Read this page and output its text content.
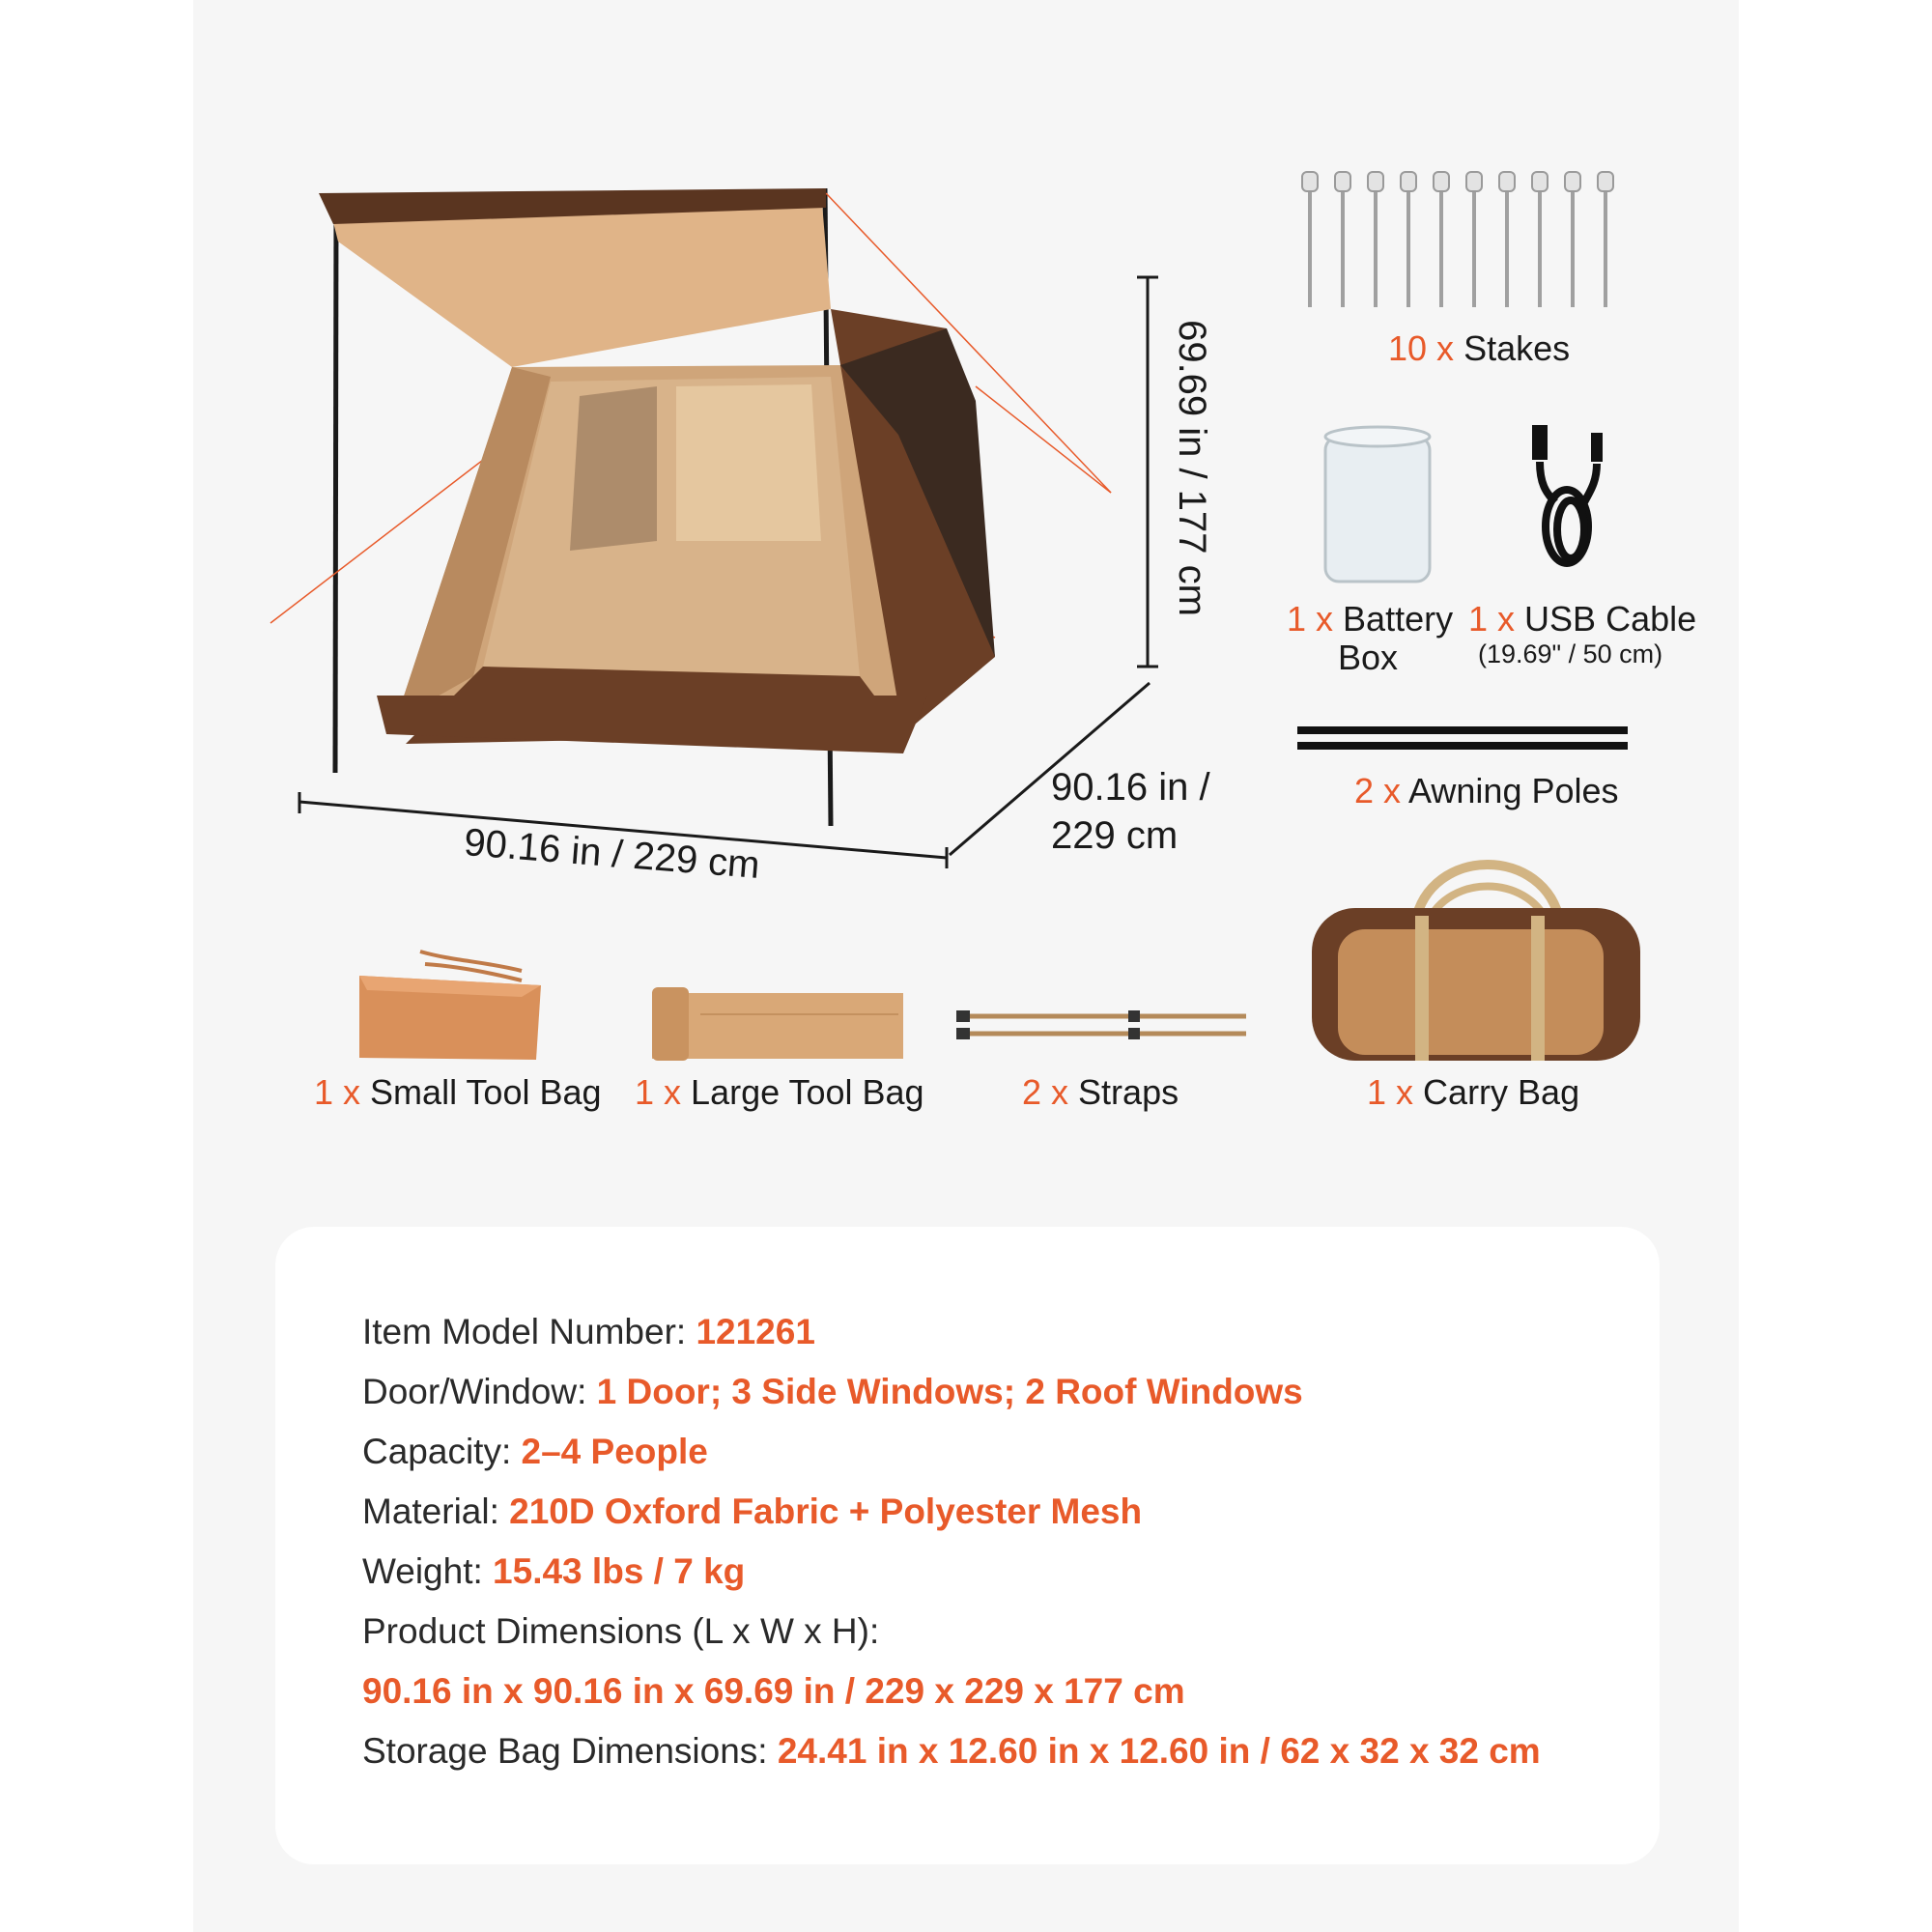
90.16 in / 229 cm
90.16 in /
229 cm
69.69 in / 177 cm	10 x Stakes
1 x Battery
Box
1 x USB Cable
(19.69" / 50 cm)
2 x Awning Poles
1 x Small Tool Bag 1 x Large Tool Bag	2 x Straps	1 x Carry Bag
Item Model Number: 121261
Door/Window: 1 Door; 3 Side Windows; 2 Roof Windows
Capacity: 2–4 People
Material: 210D Oxford Fabric + Polyester Mesh
Weight: 15.43 lbs / 7 kg
Product Dimensions (L x W x H):
90.16 in x 90.16 in x 69.69 in / 229 x 229 x 177 cm
Storage Bag Dimensions: 24.41 in x 12.60 in x 12.60 in / 62 x 32 x 32 cm
